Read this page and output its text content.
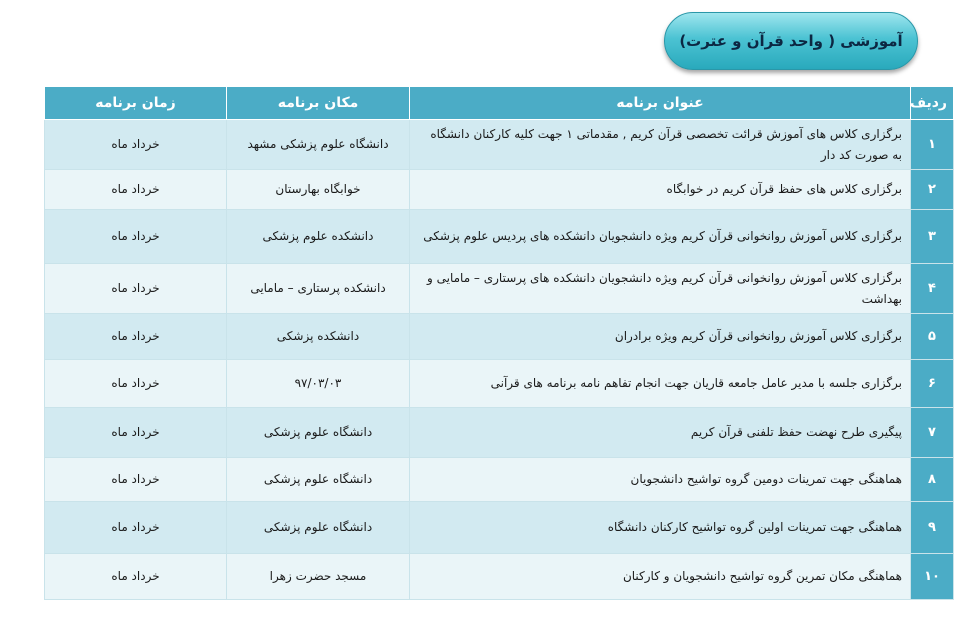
آموزشی ( واحد قرآن و عترت)
ردیف	عنوان برنامه	مکان برنامه	زمان برنامه
۱	برگزاری کلاس های آموزش قرائت تخصصی قرآن کریم , مقدماتی ۱ جهت کلیه کارکنان دانشگاه به صورت کد دار	دانشگاه علوم پزشکی مشهد	خرداد ماه
۲	برگزاری کلاس های حفظ قرآن کریم در خوابگاه	خوابگاه بهارستان	خرداد ماه
۳	برگزاری کلاس آموزش روانخوانی قرآن کریم ویژه دانشجویان دانشکده های پردیس علوم پزشکی	دانشکده علوم پزشکی	خرداد ماه
۴	برگزاری کلاس آموزش روانخوانی قرآن کریم ویژه دانشجویان دانشکده های پرستاری – مامایی و بهداشت	دانشکده پرستاری – مامایی	خرداد ماه
۵	برگزاری کلاس آموزش روانخوانی قرآن کریم ویژه برادران	دانشکده پزشکی	خرداد ماه
۶	برگزاری جلسه با مدیر عامل جامعه قاریان جهت انجام تفاهم نامه برنامه های قرآنی	۹۷/۰۳/۰۳	خرداد ماه
۷	پیگیری طرح نهضت حفظ تلفنی قرآن کریم	دانشگاه علوم پزشکی	خرداد ماه
۸	هماهنگی جهت تمرینات دومین گروه تواشیح دانشجویان	دانشگاه علوم پزشکی	خرداد ماه
۹	هماهنگی جهت تمرینات اولین گروه تواشیح کارکنان دانشگاه	دانشگاه علوم پزشکی	خرداد ماه
۱۰	هماهنگی مکان تمرین گروه تواشیح دانشجویان و کارکنان	مسجد حضرت زهرا	خرداد ماه
